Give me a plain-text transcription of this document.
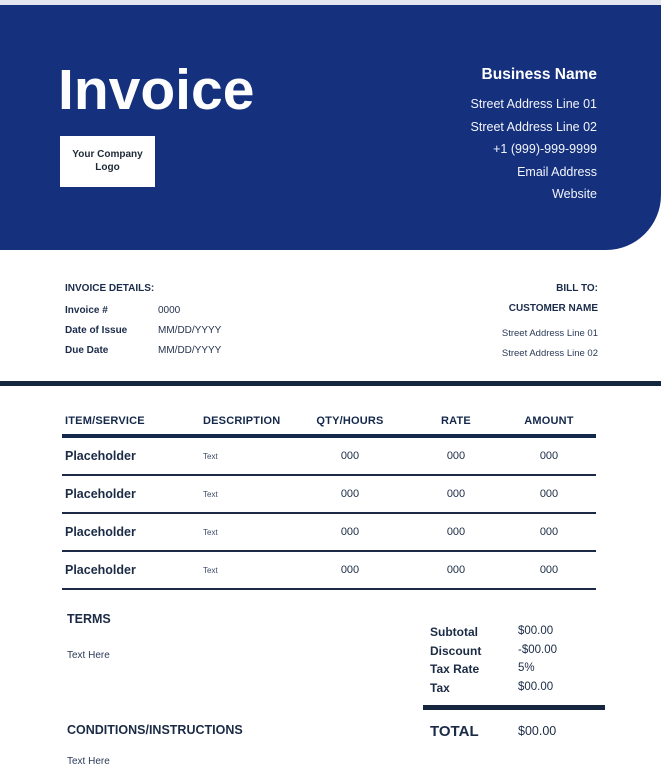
Invoice
Your Company
Logo
Business Name
Street Address Line 01
Street Address Line 02
+1 (999)-999-9999
Email Address
Website
INVOICE DETAILS:
Invoice #	0000
Date of Issue	MM/DD/YYYY
Due Date	MM/DD/YYYY
BILL TO:
CUSTOMER NAME
Street Address Line 01
Street Address Line 02
ITEM/SERVICE	DESCRIPTION	QTY/HOURS	RATE	AMOUNT
Placeholder	Text	000	000	000
Placeholder	Text	000	000	000
Placeholder	Text	000	000	000
Placeholder	Text	000	000	000
TERMS
Text Here
Subtotal	$00.00
Discount	-$00.00
Tax Rate	5%
Tax	$00.00
TOTAL	$00.00
CONDITIONS/INSTRUCTIONS
Text Here
